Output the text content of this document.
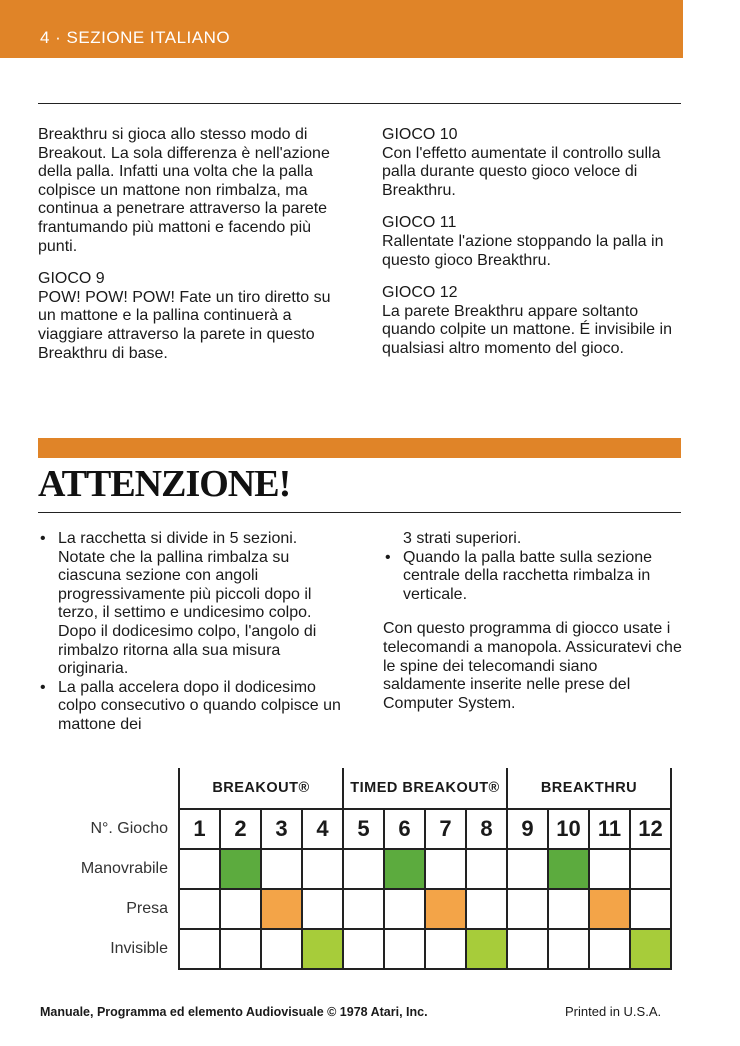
4 · SEZIONE ITALIANO

Breakthru si gioca allo stesso modo di Breakout. La sola differenza è nell'azione della palla. Infatti una volta che la palla colpisce un mattone non rimbalza, ma continua a penetrare attraverso la parete frantumando più mattoni e facendo più punti.

GIOCO 9

POW! POW! POW! Fate un tiro diretto su un mattone e la pallina continuerà a viaggiare attraverso la parete in questo Breakthru di base.

GIOCO 10

Con l'effetto aumentate il controllo sulla palla durante questo gioco veloce di Breakthru.

GIOCO 11

Rallentate l'azione stoppando la palla in questo gioco Breakthru.

GIOCO 12

La parete Breakthru appare soltanto quando colpite un mattone. É invisibile in qualsiasi altro momento del gioco.

ATTENZIONE!
• La racchetta si divide in 5 sezioni. Notate che la pallina rimbalza su ciascuna sezione con angoli progressivamente più piccoli dopo il terzo, il settimo e undicesimo colpo. Dopo il dodicesimo colpo, l'angolo di rimbalzo ritorna alla sua misura originaria.
• La palla accelera dopo il dodicesimo colpo consecutivo o quando colpisce un mattone dei
3 strati superiori.
• Quando la palla batte sulla sezione centrale della racchetta rimbalza in verticale.
Con questo programma di giocco usate i telecomandi a manopola. Assicuratevi che le spine dei telecomandi siano saldamente inserite nelle prese del Computer System.
	BREAKOUT®				TIMED BREAKOUT®				BREAKTHRU			
N°. Giocho	1	2	3	4	5	6	7	8	9	10	11	12
Manovrabile												
Presa												
Invisible												
Manuale, Programma ed elemento Audiovisuale © 1978 Atari, Inc.	Printed in U.S.A.
